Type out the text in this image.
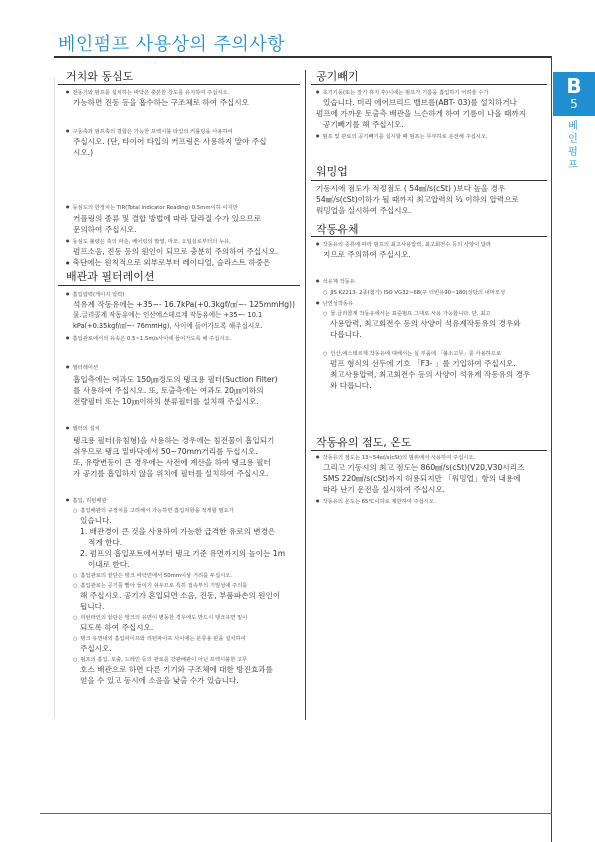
베인펌프 사용상의 주의사항
B
5
베
인
펌
프
거치와 동심도
● 전동기와 펌프를 설치하는 바닥은 충분한 강도를 유지하여 주십시오.
가능하면 진동 등을 흡수하는 구조체로 하여 주십시오
● 구동축과 펌프축의 결합은 가능한 프렉시블 타입의 커플링을 사용하여
주십시오. (단, 타이어 타입의 커프링은 사용하지 말아 주십
시오.)
● 동심도의 한정치는 TIR(Total Indicator Reading) 0.5mm이하 이지만
커플링의 종류 및 결합 방법에 따라 달라질 수가 있으므로
문의하여 주십시오.
● 동심도 불량은 축의 파손, 베어링의 발열, 마모, 오일실로부터의 누유,
펌프소음, 진동 등의 원인이 되므로 충분히 주의하여 주십시오.
● 축단에는 원칙적으로 외부로부터 레이디얼, 슬라스트 하중은
배관과 필터레이션
● 흡입압력(게이지 압력)
석유계 작동유에는 +35~- 16.7kPa(+0.3kgf/㎠~- 125mmHg))
물.글리콜계 작동유에는 인산에스테르계 작동유에는 +35~- 10.1
kPa(+0.35kgf/㎠~- 76mmHg), 사이에 들어가도록 해주십시오.
● 흡입관로에서의 유속은 0.5~1.5m/s사이에 들어가도록 해 주십시오.
● 필터레이션
흡입측에는 여과도 150㎛정도의 탱크용 필터(Suction Filter)
를 사용하여 주십시오. 또, 토출측에는 여과도 20㎛이하의
전량필터 또는 10㎛이하의 분류필터를 설치해 주십시오.
● 필터의 설치
탱크용 필터(유침형)을 사용하는 경우에는 침전물이 흡입되기
쉬우므로 탱크 밑바닥에서 50~70mm거리를 두십시오.
또, 유량변동이 큰 경우에는 사전에 계산을 하여 탱크용 필터
가 공기를 흡입하지 않을 위치에 필터를 설치하여 주십시오.
● 흡입, 리턴배관
○ 흡입배관의 규정치를 고려해서 가능하면 흡입저항을 적게할 필요가
있습니다.
1. 배관경이 큰 것을 사용하여 가능한 급격한 유로의 변경은
적게 한다.
2. 펌프의 흡입포트에서부터 탱크 기준 유면까지의 높이는 1m
이내로 한다.
○ 흡입관로의 끝단은 탱크 바닥면에서 50mm이상 거리를 두십시오.
○ 흡입관로는 공기를 빨아 들이기 쉬우므로 특히 접속부의 기밀성에 주의를
해 주십시오. 공기가 혼입되면 소음, 진동, 부품파손의 원인이
됩니다.
○ 리턴라인의 끝단은 탱크의 유면이 변동한 경우에도 반드시 탱크유면 밑이
되도록 하여 주십시오.
○ 탱크 유면내의 흡입파이프와 리턴파이프 사이에는 분류용 판을 설치하여
주십시오.
○ 펌프의 흡입, 토출, 드레인 등의 관로를 강관배관이 아닌 프렉시블한 고무
호스 배관으로 하면 다른 기기와 구조체에 대한 방진효과를
얻을 수 있고 동시에 소음을 낮출 수가 있습니다.
공기빼기
● 초기기동(또는 장기 휴지 후)시에는 펌프가 기름을 흡입하기 어려울 수가
있습니다. 미리 에어브리드 밸브를(ABT- 03)를 설치하거나
펌프에 가까운 토출측 배관을 느슨하게 하여 기름이 나올 때까지
공기빼기를 해 주십시오.
● 펌프 및 관로의 공기빼기를 실시할 때 펌프는 무부하로 운전해 주십시오.
워밍업
기동시에 점도가 적정점도 ( 54㎟/s(cSt) )보다 높을 경우
54㎟/s(cSt)이하가 될 때까지 최고압력의 ⅓ 이하의 압력으로
워밍업을 실시하여 주십시오.
작동유체
● 작동유의 종류에 따라 펌프의 최고사용압력, 최고회전수 등의 사양이 달라
지므로 주의하여 주십시오.
● 석유계 작동유
○ JIS K2213- 2종(첨가) ISO VG32~68(구 터빈유90~180)상당의 내마모성
● 난연성작동유
○ 물.글리콜계 작동유에서는 표준펌프 그대로 사용 가능합니다. 단, 최고
사용압력, 최고회전수 등의 사양이 석유계작동유의 경우와
다릅니다.
○ 인산,에스테르계 작동유에 대해서는 실 부품에 「불소고무」를 사용하므로
펌프 형식의 선두에 기호 「F3- 」를 기입하여 주십시오.
최고사용압력, 최고회전수 등의 사양이 석유계 작동유의 경우
와 다릅니다.
작동유의 점도, 온도
● 작동유의 점도는 13~54㎟/s(cSt)의 범위에서 사용하여 주십시오.
그리고 기동시의 최고 점도는 860㎟/s(cSt)(V20,V30시리즈
SMS 220㎟/s(cSt)까지 허용되지만 「워밍업」항의 내용에
따라 난기 운전을 실시하여 주십시오.
● 작동유의 온도는 65℃이하로 제한하여 주십시오.
